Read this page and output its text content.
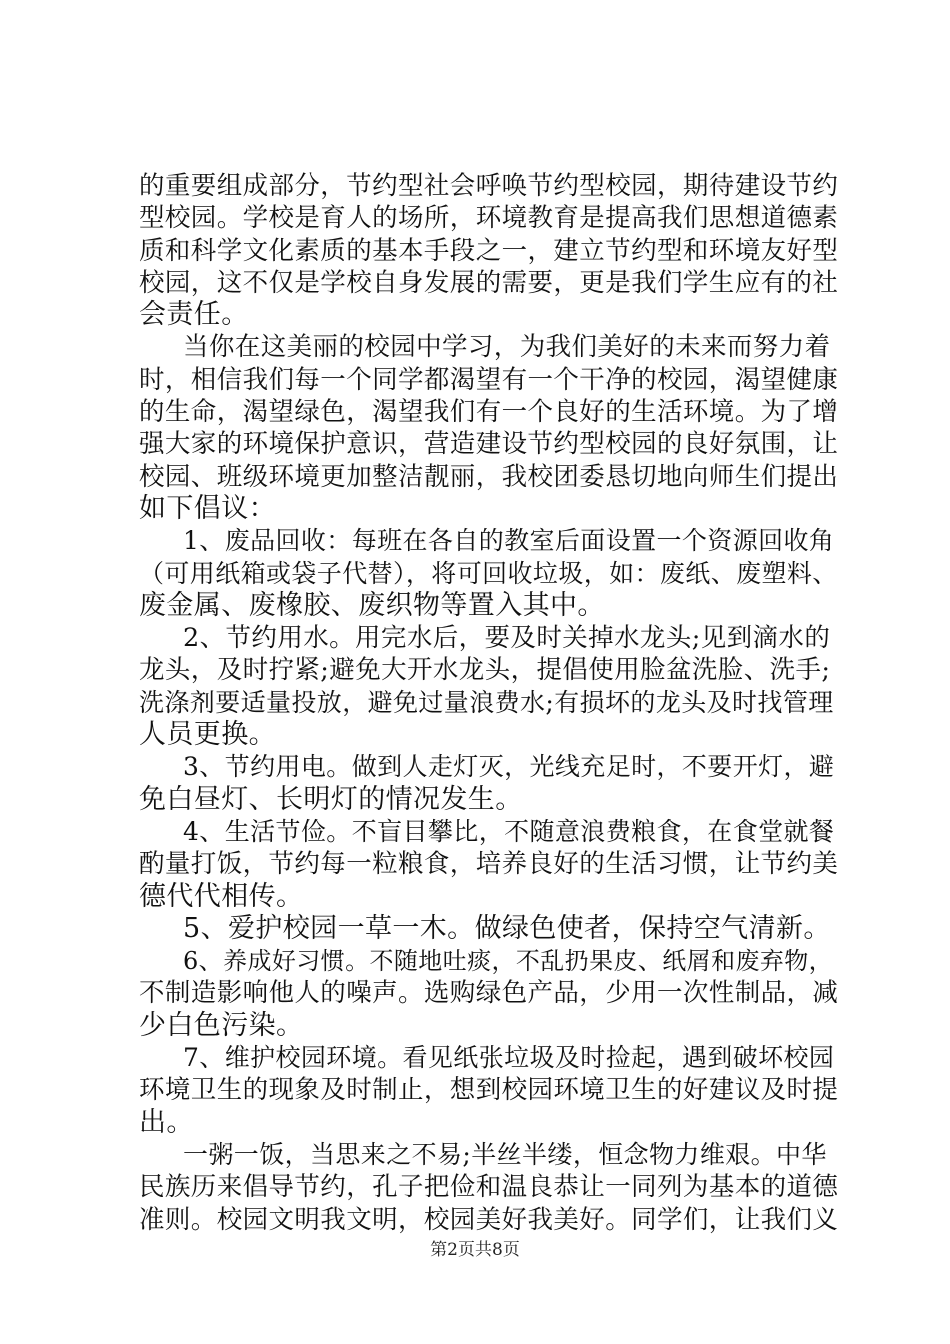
的重要组成部分，节约型社会呼唤节约型校园，期待建设节约
型校园。学校是育人的场所，环境教育是提高我们思想道德素
质和科学文化素质的基本手段之一，建立节约型和环境友好型
校园，这不仅是学校自身发展的需要，更是我们学生应有的社
会责任。
当你在这美丽的校园中学习，为我们美好的未来而努力着
时，相信我们每一个同学都渴望有一个干净的校园，渴望健康
的生命，渴望绿色，渴望我们有一个良好的生活环境。为了增
强大家的环境保护意识，营造建设节约型校园的良好氛围，让
校园、班级环境更加整洁靓丽，我校团委恳切地向师生们提出
如下倡议：
1、废品回收：每班在各自的教室后面设置一个资源回收角
（可用纸箱或袋子代替），将可回收垃圾，如：废纸、废塑料、
废金属、废橡胶、废织物等置入其中。
2、节约用水。用完水后，要及时关掉水龙头;见到滴水的
龙头，及时拧紧;避免大开水龙头，提倡使用脸盆洗脸、洗手;
洗涤剂要适量投放，避免过量浪费水;有损坏的龙头及时找管理
人员更换。
3、节约用电。做到人走灯灭，光线充足时，不要开灯，避
免白昼灯、长明灯的情况发生。
4、生活节俭。不盲目攀比，不随意浪费粮食，在食堂就餐
酌量打饭，节约每一粒粮食，培养良好的生活习惯，让节约美
德代代相传。
5、爱护校园一草一木。做绿色使者，保持空气清新。
6、养成好习惯。不随地吐痰，不乱扔果皮、纸屑和废弃物，
不制造影响他人的噪声。选购绿色产品，少用一次性制品，减
少白色污染。
7、维护校园环境。看见纸张垃圾及时捡起，遇到破坏校园
环境卫生的现象及时制止，想到校园环境卫生的好建议及时提
出。
一粥一饭，当思来之不易;半丝半缕，恒念物力维艰。中华
民族历来倡导节约，孔子把俭和温良恭让一同列为基本的道德
准则。校园文明我文明，校园美好我美好。同学们，让我们义
第2页共8页
